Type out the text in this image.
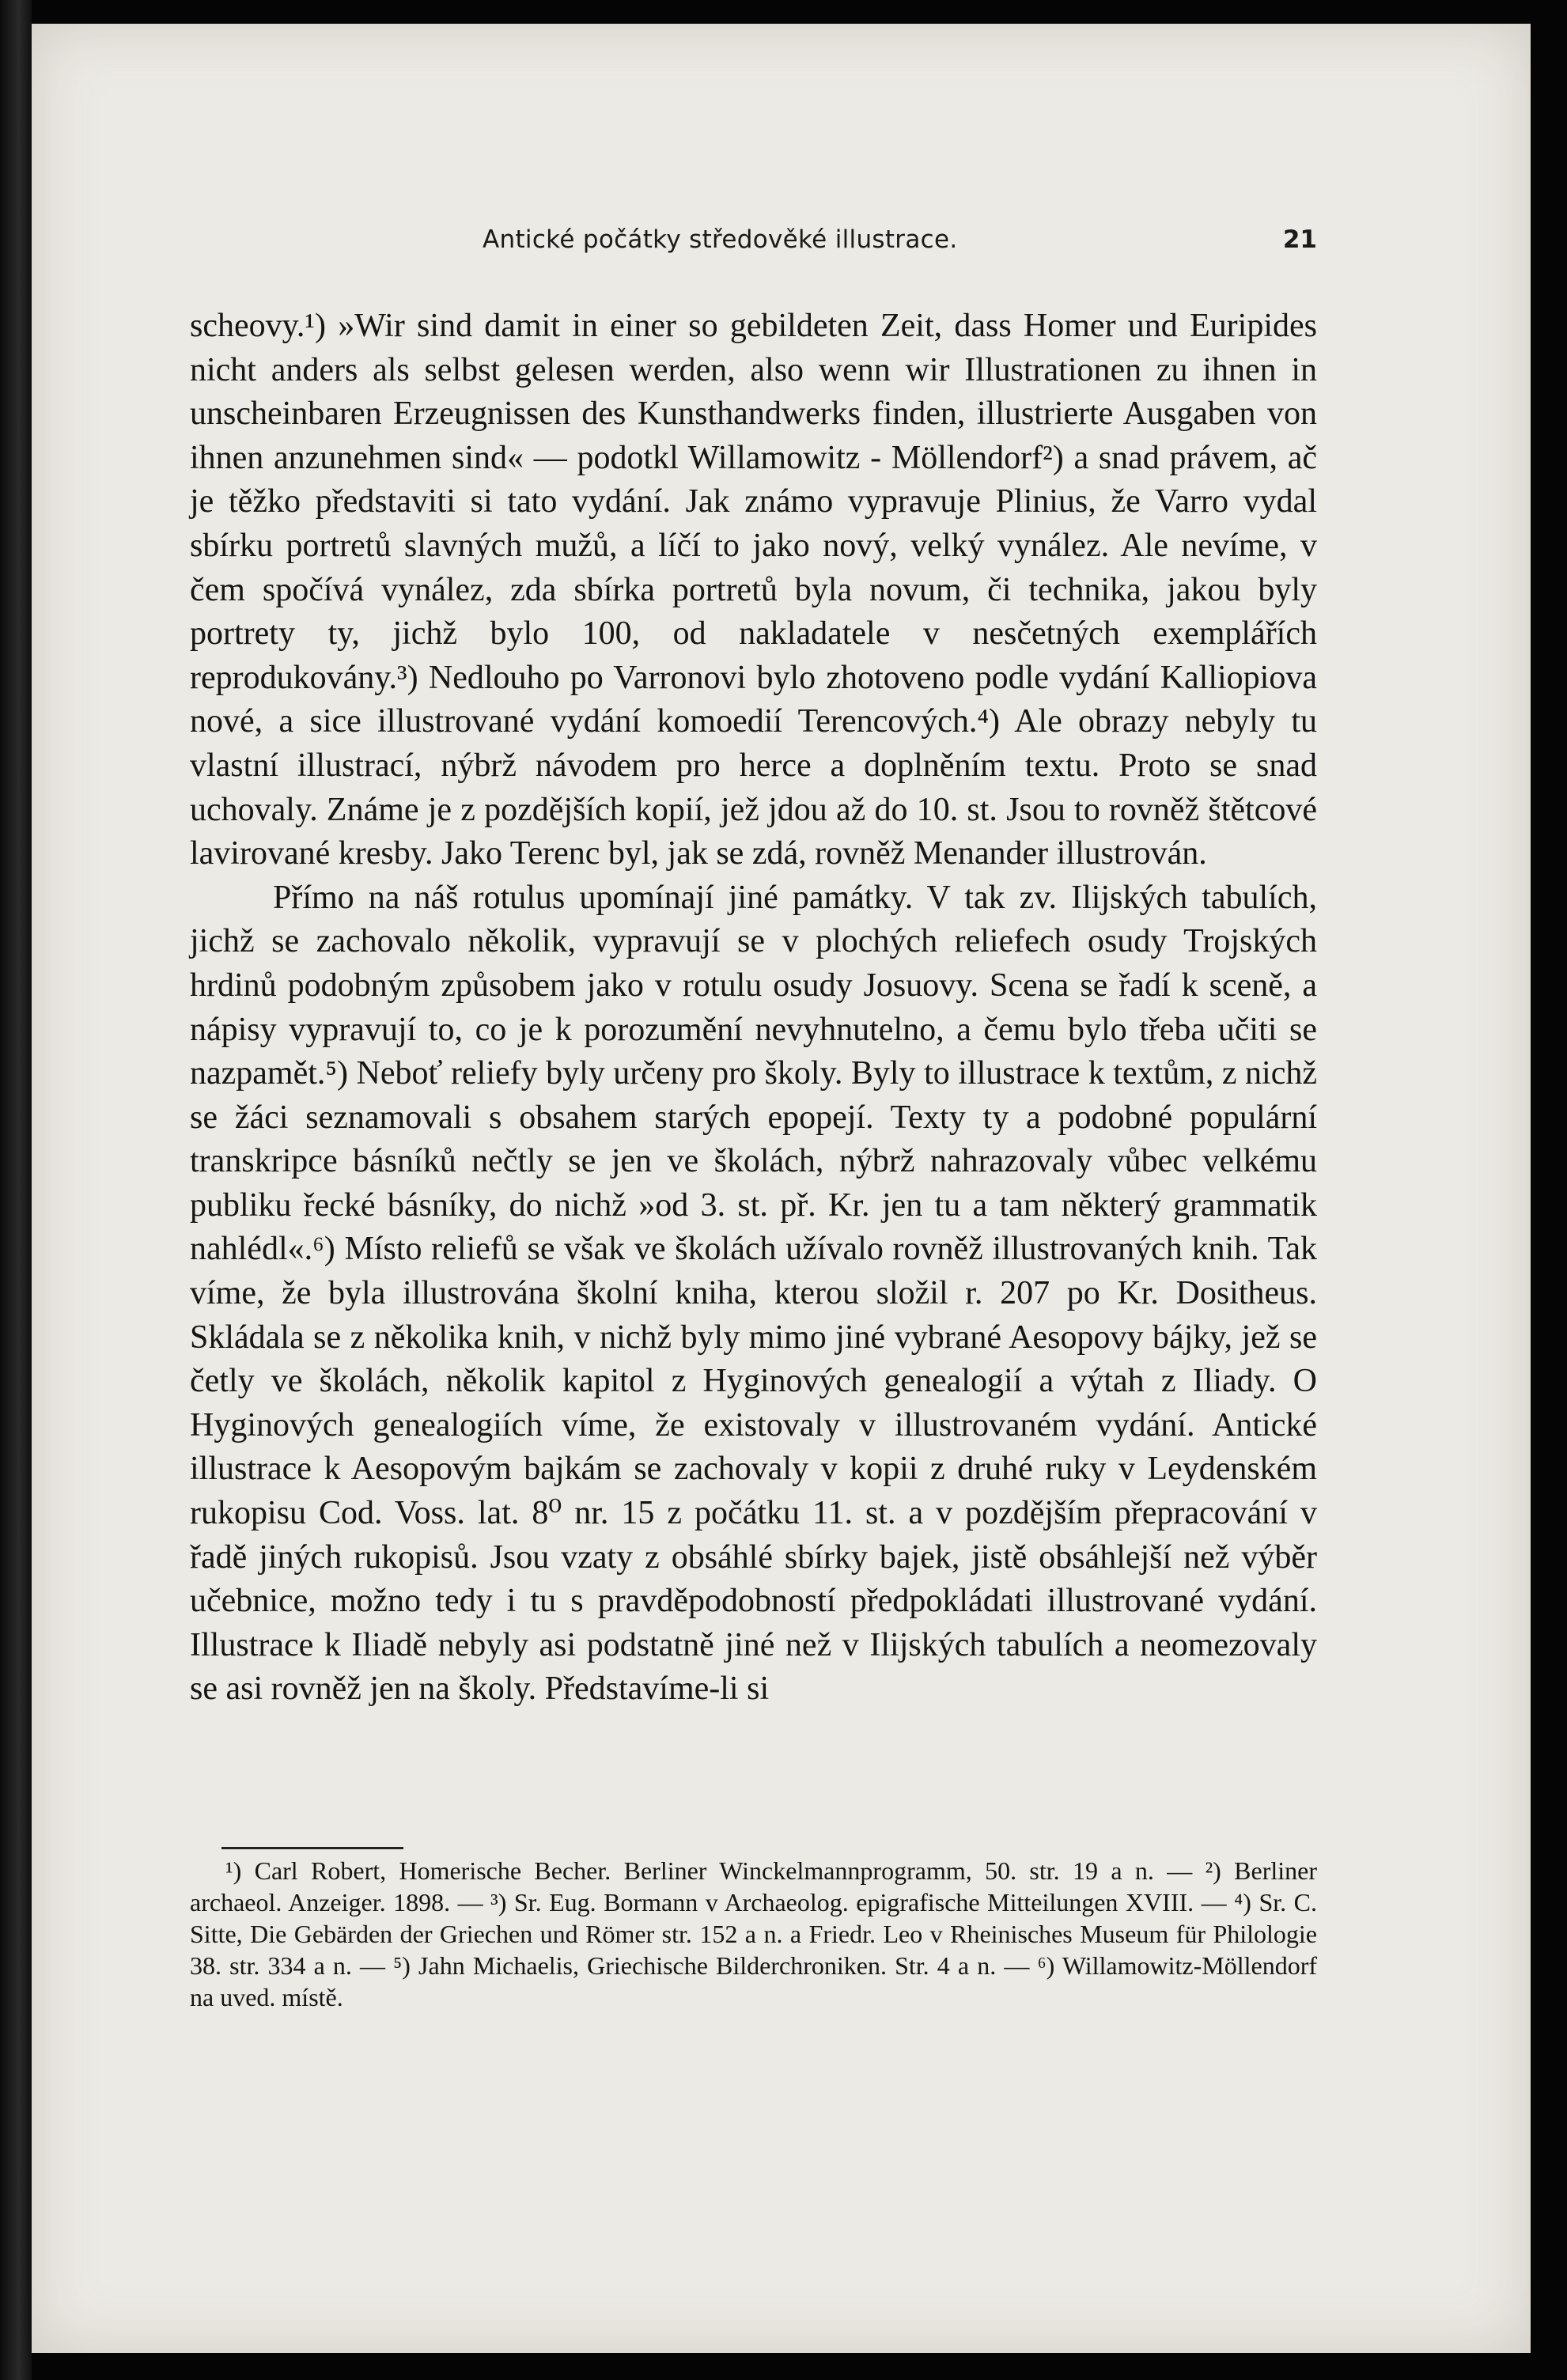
Antické počátky středověké illustrace.	21

scheovy.¹) »Wir sind damit in einer so gebildeten Zeit, dass Homer und Euripides nicht anders als selbst gelesen werden, also wenn wir Illustrationen zu ihnen in unscheinbaren Erzeugnissen des Kunsthandwerks finden, illustrierte Ausgaben von ihnen anzunehmen sind« — podotkl Willamowitz - Möllendorf²) a snad právem, ač je těžko představiti si tato vydání. Jak známo vypravuje Plinius, že Varro vydal sbírku portretů slavných mužů, a líčí to jako nový, velký vynález. Ale nevíme, v čem spočívá vynález, zda sbírka portretů byla novum, či technika, jakou byly portrety ty, jichž bylo 100, od nakladatele v nesčetných exemplářích reprodukovány.³) Nedlouho po Varronovi bylo zhotoveno podle vydání Kalliopiova nové, a sice illustrované vydání komoedií Terencových.⁴) Ale obrazy nebyly tu vlastní illustrací, nýbrž návodem pro herce a doplněním textu. Proto se snad uchovaly. Známe je z pozdějších kopií, jež jdou až do 10. st. Jsou to rovněž štětcové lavirované kresby. Jako Terenc byl, jak se zdá, rovněž Menander illustrován.

Přímo na náš rotulus upomínají jiné památky. V tak zv. Ilijských tabulích, jichž se zachovalo několik, vypravují se v plochých reliefech osudy Trojských hrdinů podobným způsobem jako v rotulu osudy Josuovy. Scena se řadí k sceně, a nápisy vypravují to, co je k porozumění nevyhnutelno, a čemu bylo třeba učiti se nazpamět.⁵) Neboť reliefy byly určeny pro školy. Byly to illustrace k textům, z nichž se žáci seznamovali s obsahem starých epopejí. Texty ty a podobné populární transkripce básníků nečtly se jen ve školách, nýbrž nahrazovaly vůbec velkému publiku řecké básníky, do nichž »od 3. st. př. Kr. jen tu a tam některý grammatik nahlédl«.⁶) Místo reliefů se však ve školách užívalo rovněž illustrovaných knih. Tak víme, že byla illustrována školní kniha, kterou složil r. 207 po Kr. Dositheus. Skládala se z několika knih, v nichž byly mimo jiné vybrané Aesopovy bájky, jež se četly ve školách, několik kapitol z Hyginových genealogií a výtah z Iliady. O Hyginových genealogiích víme, že existovaly v illustrovaném vydání. Antické illustrace k Aesopovým bajkám se zachovaly v kopii z druhé ruky v Leydenském rukopisu Cod. Voss. lat. 8⁰ nr. 15 z počátku 11. st. a v pozdějším přepracování v řadě jiných rukopisů. Jsou vzaty z obsáhlé sbírky bajek, jistě obsáhlejší než výběr učebnice, možno tedy i tu s pravděpodobností předpokládati illustrované vydání. Illustrace k Iliadě nebyly asi podstatně jiné než v Ilijských tabulích a neomezovaly se asi rovněž jen na školy. Představíme-li si

¹) Carl Robert, Homerische Becher. Berliner Winckelmannprogramm, 50. str. 19 a n. — ²) Berliner archaeol. Anzeiger. 1898. — ³) Sr. Eug. Bormann v Archaeolog. epigrafische Mitteilungen XVIII. — ⁴) Sr. C. Sitte, Die Gebärden der Griechen und Römer str. 152 a n. a Friedr. Leo v Rheinisches Museum für Philologie 38. str. 334 a n. — ⁵) Jahn Michaelis, Griechische Bilderchroniken. Str. 4 a n. — ⁶) Willamowitz-Möllendorf na uved. místě.
